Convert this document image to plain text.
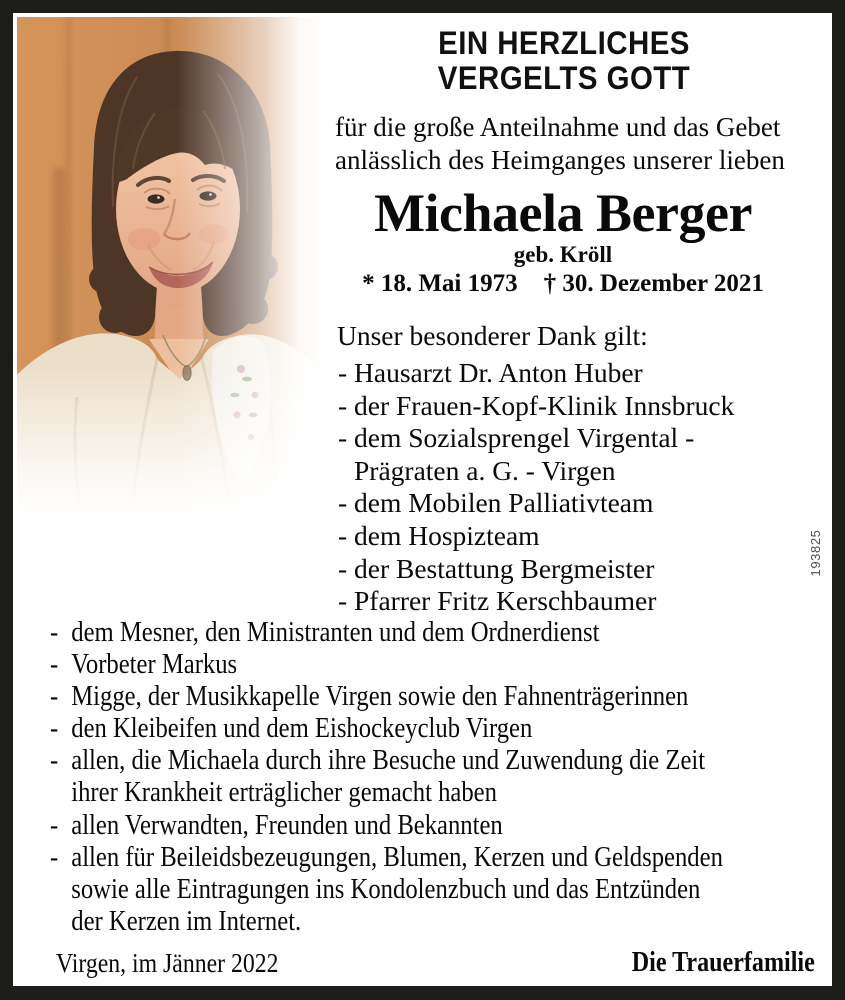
EIN HERZLICHES
VERGELTS GOTT
für die große Anteilnahme und das Gebet
anlässlich des Heimganges unserer lieben
Michaela Berger
geb. Kröll
* 18. Mai 1973 † 30. Dezember 2021
Unser besonderer Dank gilt:
- Hausarzt Dr. Anton Huber
- der Frauen-Kopf-Klinik Innsbruck
- dem Sozialsprengel Virgental -
Prägraten a. G. - Virgen
- dem Mobilen Palliativteam
- dem Hospizteam
- der Bestattung Bergmeister
- Pfarrer Fritz Kerschbaumer
- dem Mesner, den Ministranten und dem Ordnerdienst
- Vorbeter Markus
- Migge, der Musikkapelle Virgen sowie den Fahnenträgerinnen
- den Kleibeifen und dem Eishockeyclub Virgen
- allen, die Michaela durch ihre Besuche und Zuwendung die Zeit
ihrer Krankheit erträglicher gemacht haben
- allen Verwandten, Freunden und Bekannten
- allen für Beileidsbezeugungen, Blumen, Kerzen und Geldspenden
sowie alle Eintragungen ins Kondolenzbuch und das Entzünden
der Kerzen im Internet.
Virgen, im Jänner 2022	Die Trauerfamilie
193825
